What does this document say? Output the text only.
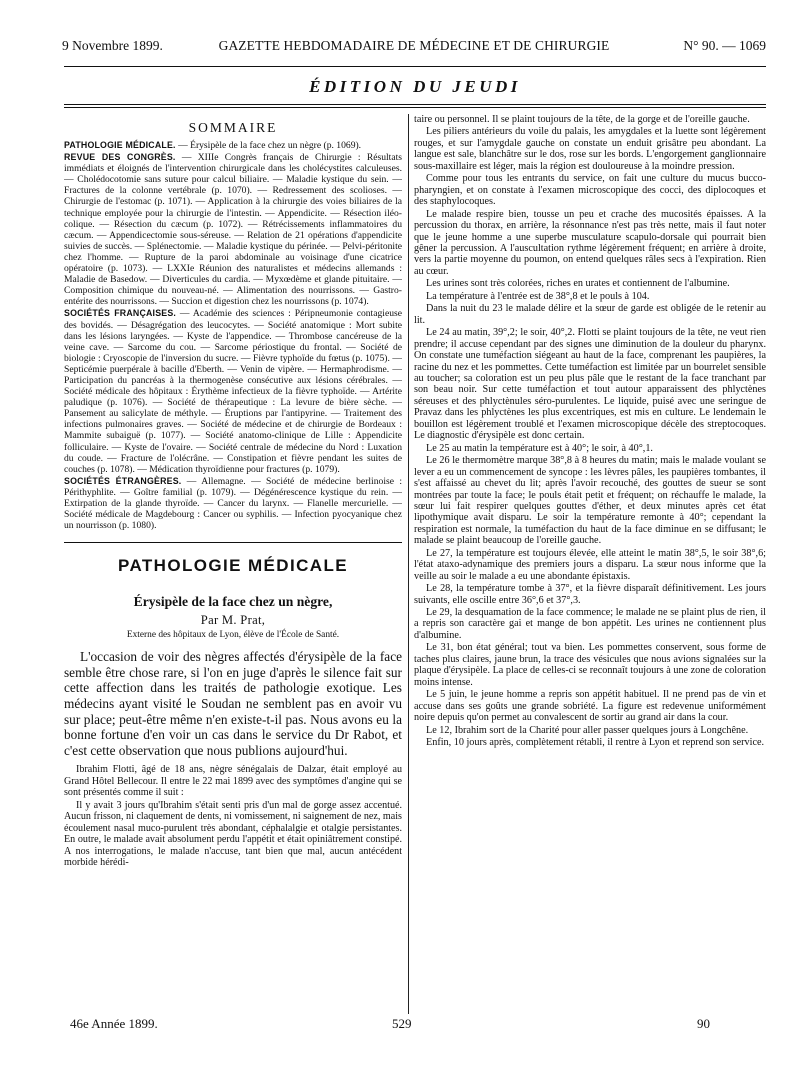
9 Novembre 1899.	GAZETTE HEBDOMADAIRE DE MÉDECINE ET DE CHIRURGIE	N° 90. — 1069
ÉDITION DU JEUDI
SOMMAIRE

PATHOLOGIE MÉDICALE. — Érysipèle de la face chez un nègre (p. 1069).

REVUE DES CONGRÈS. — XIIIe Congrès français de Chirurgie : Résultats immédiats et éloignés de l'intervention chirurgicale dans les cholécystites calculeuses. — Cholédocotomie sans suture pour calcul biliaire. — Maladie kystique du sein. — Fractures de la colonne vertébrale (p. 1070). — Redressement des scolioses. — Chirurgie de l'estomac (p. 1071). — Application à la chirurgie des voies biliaires de la technique employée pour la chirurgie de l'intestin. — Appendicite. — Résection iléo-colique. — Résection du cæcum (p. 1072). — Rétrécissements inflammatoires du cæcum. — Appendicectomie sous-séreuse. — Relation de 21 opérations d'appendicite suivies de succès. — Splénectomie. — Maladie kystique du périnée. — Pelvi-péritonite chez l'homme. — Rupture de la paroi abdominale au voisinage d'une cicatrice opératoire (p. 1073). — LXXIe Réunion des naturalistes et médecins allemands : Maladie de Basedow. — Diverticules du cardia. — Myxœdème et glande pituitaire. — Composition chimique du nouveau-né. — Alimentation des nourrissons. — Gastro-entérite des nourrissons. — Succion et digestion chez les nourrissons (p. 1074).

SOCIÉTÉS FRANÇAISES. — Académie des sciences : Péripneumonie contagieuse des bovidés. — Désagrégation des leucocytes. — Société anatomique : Mort subite dans les lésions laryngées. — Kyste de l'appendice. — Thrombose cancéreuse de la veine cave. — Sarcome du cou. — Sarcome périostique du frontal. — Société de biologie : Cryoscopie de l'inversion du sucre. — Fièvre typhoïde du fœtus (p. 1075). — Septicémie puerpérale à bacille d'Eberth. — Venin de vipère. — Hermaphrodisme. — Participation du pancréas à la thermogenèse consécutive aux lésions cérébrales. — Société médicale des hôpitaux : Érythème infectieux de la fièvre typhoïde. — Artérite paludique (p. 1076). — Société de thérapeutique : La levure de bière sèche. — Pansement au salicylate de méthyle. — Éruptions par l'antipyrine. — Traitement des infections pulmonaires graves. — Société de médecine et de chirurgie de Bordeaux : Mammite subaiguë (p. 1077). — Société anatomo-clinique de Lille : Appendicite folliculaire. — Kyste de l'ovaire. — Société centrale de médecine du Nord : Luxation du coude. — Fracture de l'olécrâne. — Constipation et fièvre pendant les suites de couches (p. 1078). — Médication thyroïdienne pour fractures (p. 1079).

SOCIÉTÉS ÉTRANGÈRES. — Allemagne. — Société de médecine berlinoise : Périthyphlite. — Goître familial (p. 1079). — Dégénérescence kystique du rein. — Extirpation de la glande thyroïde. — Cancer du larynx. — Flanelle mercurielle. — Société médicale de Magdebourg : Cancer ou syphilis. — Infection pyocyanique chez un nourrisson (p. 1080).

PATHOLOGIE MÉDICALE
Érysipèle de la face chez un nègre,
Par M. Prat,
Externe des hôpitaux de Lyon, élève de l'École de Santé.

L'occasion de voir des nègres affectés d'érysipèle de la face semble être chose rare, si l'on en juge d'après le silence fait sur cette affection dans les traités de pathologie exotique. Les médecins ayant visité le Soudan ne semblent pas en avoir vu sur place; peut-être même n'en existe-t-il pas. Nous avons eu la bonne fortune d'en voir un cas dans le service du Dr Rabot, et c'est cette observation que nous publions aujourd'hui.

Ibrahim Flotti, âgé de 18 ans, nègre sénégalais de Dalzar, était employé au Grand Hôtel Bellecour. Il entre le 22 mai 1899 avec des symptômes d'angine qui se sont présentés comme il suit :

Il y avait 3 jours qu'Ibrahim s'était senti pris d'un mal de gorge assez accentué. Aucun frisson, ni claquement de dents, ni vomissement, ni saignement de nez, mais écoulement nasal muco-purulent très abondant, céphalalgie et otalgie persistantes. En outre, le malade avait absolument perdu l'appétit et était opiniâtrement constipé. A nos interrogations, le malade n'accuse, tant bien que mal, aucun antécédent morbide hérédi-

taire ou personnel. Il se plaint toujours de la tête, de la gorge et de l'oreille gauche.

Les piliers antérieurs du voile du palais, les amygdales et la luette sont légèrement rouges, et sur l'amygdale gauche on constate un enduit grisâtre peu abondant. La langue est sale, blanchâtre sur le dos, rose sur les bords. L'engorgement ganglionnaire sous-maxillaire est léger, mais la région est douloureuse à la moindre pression.

Comme pour tous les entrants du service, on fait une culture du mucus bucco-pharyngien, et on constate à l'examen microscopique des cocci, des diplocoques et des staphylocoques.

Le malade respire bien, tousse un peu et crache des mucosités épaisses. A la percussion du thorax, en arrière, la résonnance n'est pas très nette, mais il faut noter que le jeune homme a une superbe musculature scapulo-dorsale qui pourrait bien gêner la percussion. A l'auscultation rythme légèrement fréquent; en arrière à droite, vers la partie moyenne du poumon, on entend quelques râles secs à l'expiration. Rien au cœur.

Les urines sont très colorées, riches en urates et contiennent de l'albumine.

La température à l'entrée est de 38°,8 et le pouls à 104.

Dans la nuit du 23 le malade délire et la sœur de garde est obligée de le retenir au lit.

Le 24 au matin, 39°,2; le soir, 40°,2. Flotti se plaint toujours de la tête, ne veut rien prendre; il accuse cependant par des signes une diminution de la douleur du pharynx. On constate une tuméfaction siégeant au haut de la face, comprenant les paupières, la racine du nez et les pommettes. Cette tuméfaction est limitée par un bourrelet sensible au toucher; sa coloration est un peu plus pâle que le restant de la face tranchant par son beau noir. Sur cette tuméfaction et tout autour apparaissent des phlyctènes séreuses et des phlyctènules séro-purulentes. Le liquide, puisé avec une seringue de Pravaz dans les phlyctènes les plus excentriques, est mis en culture. Le lendemain le bouillon est légèrement troublé et l'examen microscopique décèle des streptocoques. Le diagnostic d'érysipèle est donc certain.

Le 25 au matin la température est à 40°; le soir, à 40°,1.

Le 26 le thermomètre marque 38°,8 à 8 heures du matin; mais le malade voulant se lever a eu un commencement de syncope : les lèvres pâles, les paupières tombantes, il s'est affaissé au chevet du lit; après l'avoir recouché, des gouttes de sueur se sont montrées par toute la face; le pouls était petit et fréquent; on réchauffe le malade, la sœur lui fait respirer quelques gouttes d'éther, et deux minutes après cet état lipothymique avait disparu. Le soir la température remonte à 40°; cependant la respiration est normale, la tuméfaction du haut de la face diminue en se diffusant; le malade se plaint beaucoup de l'oreille gauche.

Le 27, la température est toujours élevée, elle atteint le matin 38°,5, le soir 38°,6; l'état ataxo-adynamique des premiers jours a disparu. La sœur nous informe que la veille au soir le malade a eu une abondante épistaxis.

Le 28, la température tombe à 37°, et la fièvre disparaît définitivement. Les jours suivants, elle oscille entre 36°,6 et 37°,3.

Le 29, la desquamation de la face commence; le malade ne se plaint plus de rien, il a repris son caractère gai et mange de bon appétit. Les urines ne contiennent plus d'albumine.

Le 31, bon état général; tout va bien. Les pommettes conservent, sous forme de taches plus claires, jaune brun, la trace des vésicules que nous avions signalées sur la plaque d'érysipèle. La place de celles-ci se reconnaît toujours à une zone de coloration moins intense.

Le 5 juin, le jeune homme a repris son appétit habituel. Il ne prend pas de vin et accuse dans ses goûts une grande sobriété. La figure est redevenue uniformément noire depuis qu'on permet au convalescent de sortir au grand air dans la cour.

Le 12, Ibrahim sort de la Charité pour aller passer quelques jours à Longchêne.

Enfin, 10 jours après, complètement rétabli, il rentre à Lyon et reprend son service.

46e Année 1899.	529	90
